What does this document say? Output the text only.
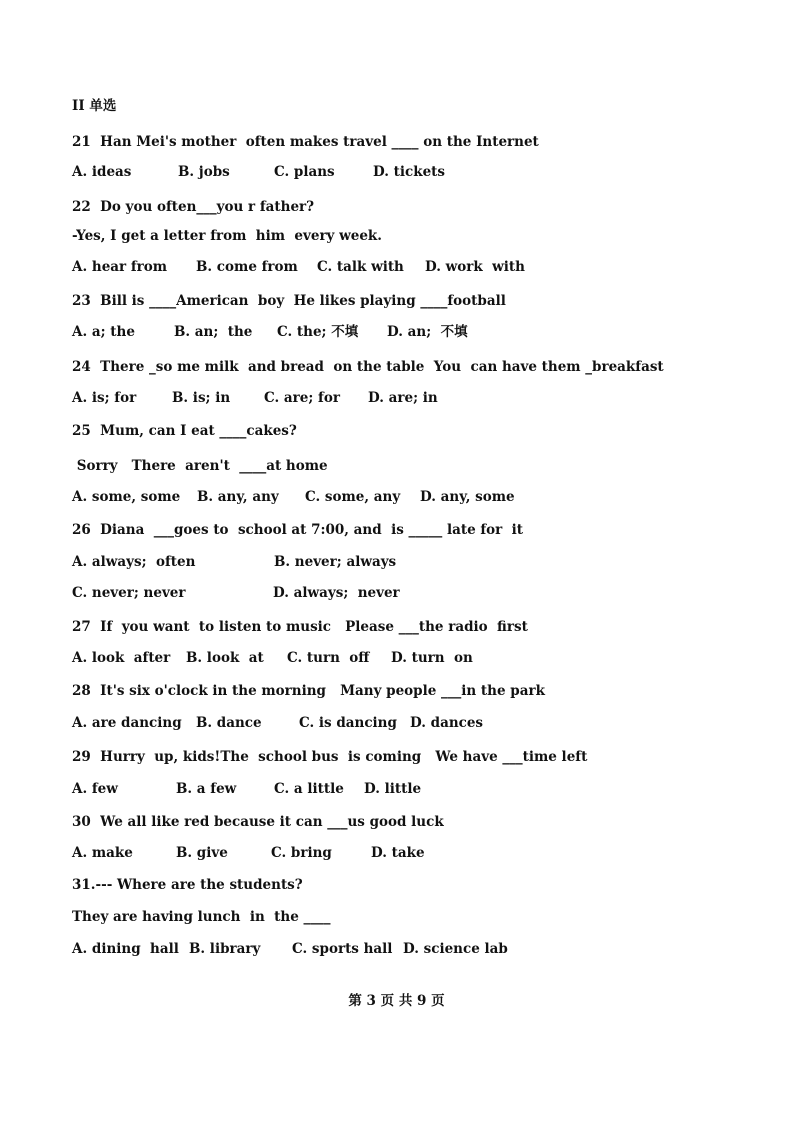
II 单选
21  Han Mei's mother  often makes travel ____ on the Internet
A. ideas	B. jobs	C. plans	D. tickets
22  Do you often___you r father?
-Yes, I get a letter from  him  every week.
A. hear from B. come from C. talk with D. work  with
23  Bill is ____American  boy  He likes playing ____football
A. a; the	B. an;  the C. the; 不填 D. an;  不填
24  There _so me milk  and bread  on the table  You  can have them _breakfast
A. is; for	B. is; in	C. are; for D. are; in
25  Mum, can I eat ____cakes?
Sorry   There  aren't  ____at home
A. some, some B. any, any C. some, any D. any, some
26  Diana  ___goes to  school at 7:00, and  is _____ late for  it
A. always;  often	B. never; always
C. never; never	D. always;  never
27  If  you want  to listen to music   Please ___the radio  first
A. look  after B. look  at C. turn  off D. turn  on
28  It's six o'clock in the morning   Many people ___in the park
A. are dancing B. dance	C. is dancing D. dances
29  Hurry  up, kids!The  school bus  is coming   We have ___time left
A. few	B. a few	C. a little D. little
30  We all like red because it can ___us good luck
A. make	B. give	C. bring	D. take
31.--- Where are the students?
They are having lunch  in  the ____
A. dining  hall B. library C. sports hall D. science lab
第 3 页 共 9 页
